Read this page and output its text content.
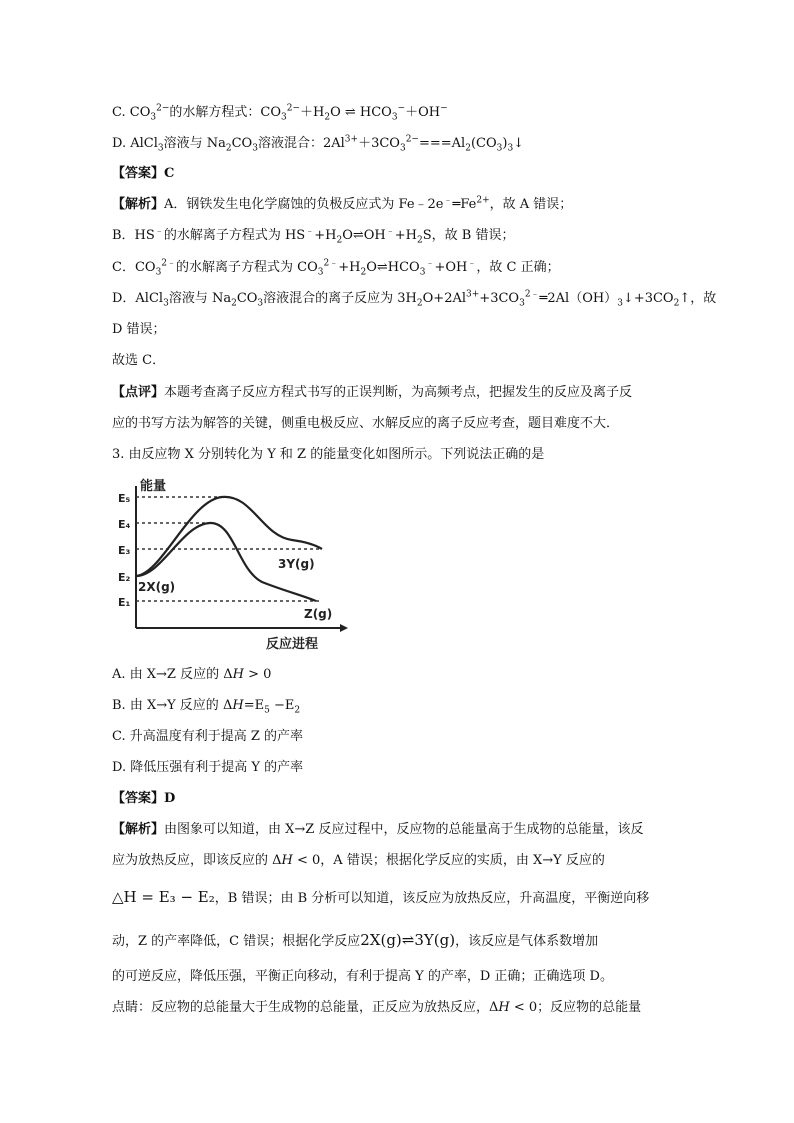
C. $CO_3^{2-}$的水解方程式：$CO_3^{2-}+H_2O$ ⇌ $HCO_3^-+OH^-$
D. AlCl$_3$溶液与 $Na_2CO_3$溶液混合：$2Al^{3+}+3CO_3^{2-}===Al_2(CO_3)_3↓$
【答案】C
【解析】A．钢铁发生电化学腐蚀的负极反应式为 $Fe﹣2e^﹣═Fe^{2+}$，故 A 错误；
B．HS﹣的水解离子方程式为 $HS^﹣+H_2O\rightleftharpoons OH^﹣+H_2S$，故 B 错误；
C．$CO_3^{2﹣}$的水解离子方程式为 $CO_3^{2﹣}+H_2O\rightleftharpoons HCO_3^﹣+OH^﹣$，故 C 正确；
D．AlCl$_3$溶液与 $Na_2CO_3$溶液混合的离子反应为 $3H_2O+2Al^{3+}+3CO_3^{2﹣}═2Al(OH)_3↓+3CO_2↑$，故
D 错误；
故选 C．
【点评】本题考查离子反应方程式书写的正误判断，为高频考点，把握发生的反应及离子反
应的书写方法为解答的关键，侧重电极反应、水解反应的离子反应考查，题目难度不大．
3. 由反应物 X 分别转化为 Y 和 Z 的能量变化如图所示。下列说法正确的是
能量
E₅
E₄
E₃
E₂
E₁
2X(g)
3Y(g)
Z(g)
反应进程
A. 由 X→Z 反应的 ΔH > 0
B. 由 X→Y 反应的 $\Delta H=E_5 -E_2$
C. 升高温度有利于提高 Z 的产率
D. 降低压强有利于提高 Y 的产率
【答案】D
【解析】由图象可以知道，由 X→Z 反应过程中，反应物的总能量高于生成物的总能量，该反
应为放热反应，即该反应的 ΔH < 0，A 错误；根据化学反应的实质，由 X→Y 反应的
△H = E₃ − E₂，B 错误；由 B 分析可以知道，该反应为放热反应，升高温度，平衡逆向移
动，Z 的产率降低，C 错误；根据化学反应2X(g)⇌3Y(g)，该反应是气体系数增加
的可逆反应，降低压强，平衡正向移动，有利于提高 Y 的产率，D 正确；正确选项 D。
点睛：反应物的总能量大于生成物的总能量，正反应为放热反应，ΔH < 0；反应物的总能量
